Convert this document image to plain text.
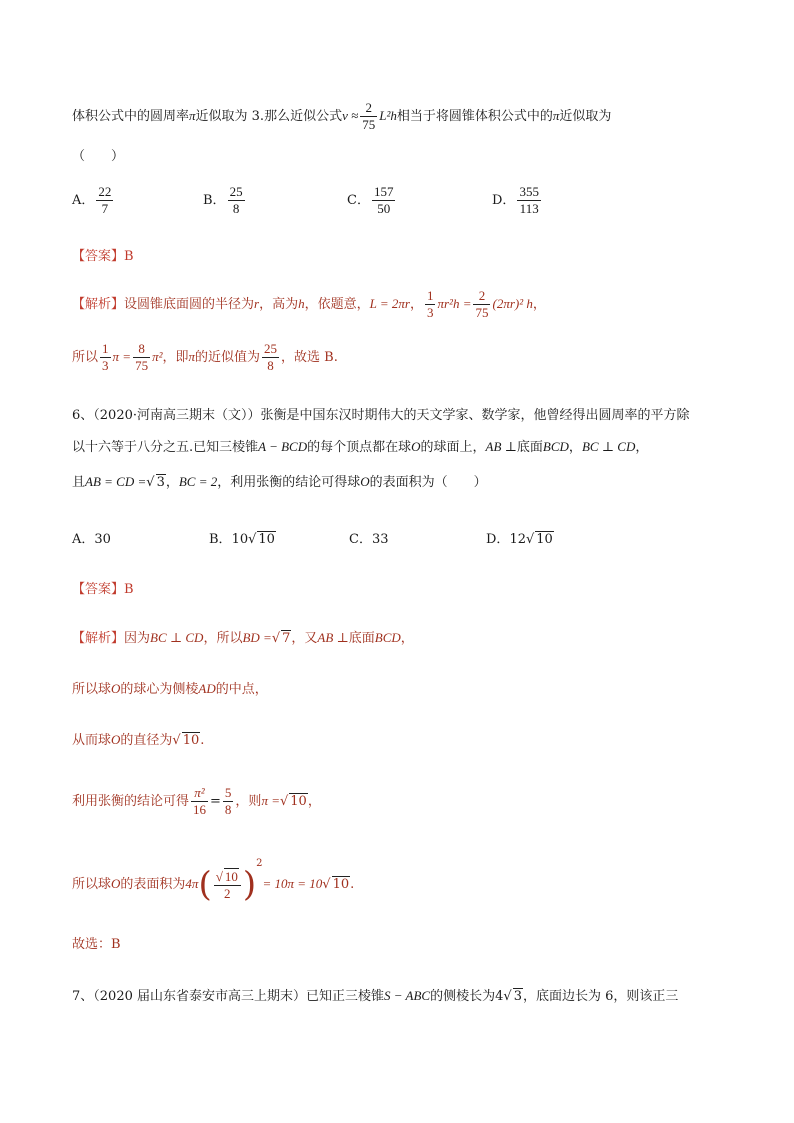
体积公式中的圆周率π近似取为 3.那么近似公式$v \approx \frac{2}{75} L^2h$相当于将圆锥体积公式中的π近似取为
（　　）
A． $\frac{22}{7}$	B． $\frac{25}{8}$	C． $\frac{157}{50}$	D． $\frac{355}{113}$
【答案】B
【解析】设圆锥底面圆的半径为r，高为h，依题意，L = 2πr， $\frac{1}{3} \pi r^2h = \frac{2}{75} (2\pi r)^2$ h，
所以 $\frac{1}{3}$ $\pi = \frac{8}{75} \pi^2$，即π的近似值为 $\frac{25}{8}$ ，故选 B.
6、（2020·河南高三期末（文））张衡是中国东汉时期伟大的天文学家、数学家，他曾经得出圆周率的平方除
以十六等于八分之五.已知三棱锥A − BCD的每个顶点都在球O的球面上，AB ⊥底面BCD，BC ⊥ CD，
且AB = CD =√ 3，BC = 2，利用张衡的结论可得球O的表面积为（　　）
A．30	B．10√ 10	C．33	D．12√ 10
【答案】B
【解析】因为BC ⊥ CD，所以BD =√ 7，又AB ⊥底面BCD，
所以球O的球心为侧棱AD的中点，
从而球O的直径为√ 10.
利用张衡的结论可得 $\frac{\text{π²}}{16} = \frac{5}{8}$ ，则π =√ 10，
所以球O的表面积为$4\pi( \frac{√ 10}{2} )^2= 10\pi = 10√$ 10.
故选：B
7、（2020 届山东省泰安市高三上期末）已知正三棱锥S − ABC的侧棱长为4√ 3，底面边长为 6，则该正三
